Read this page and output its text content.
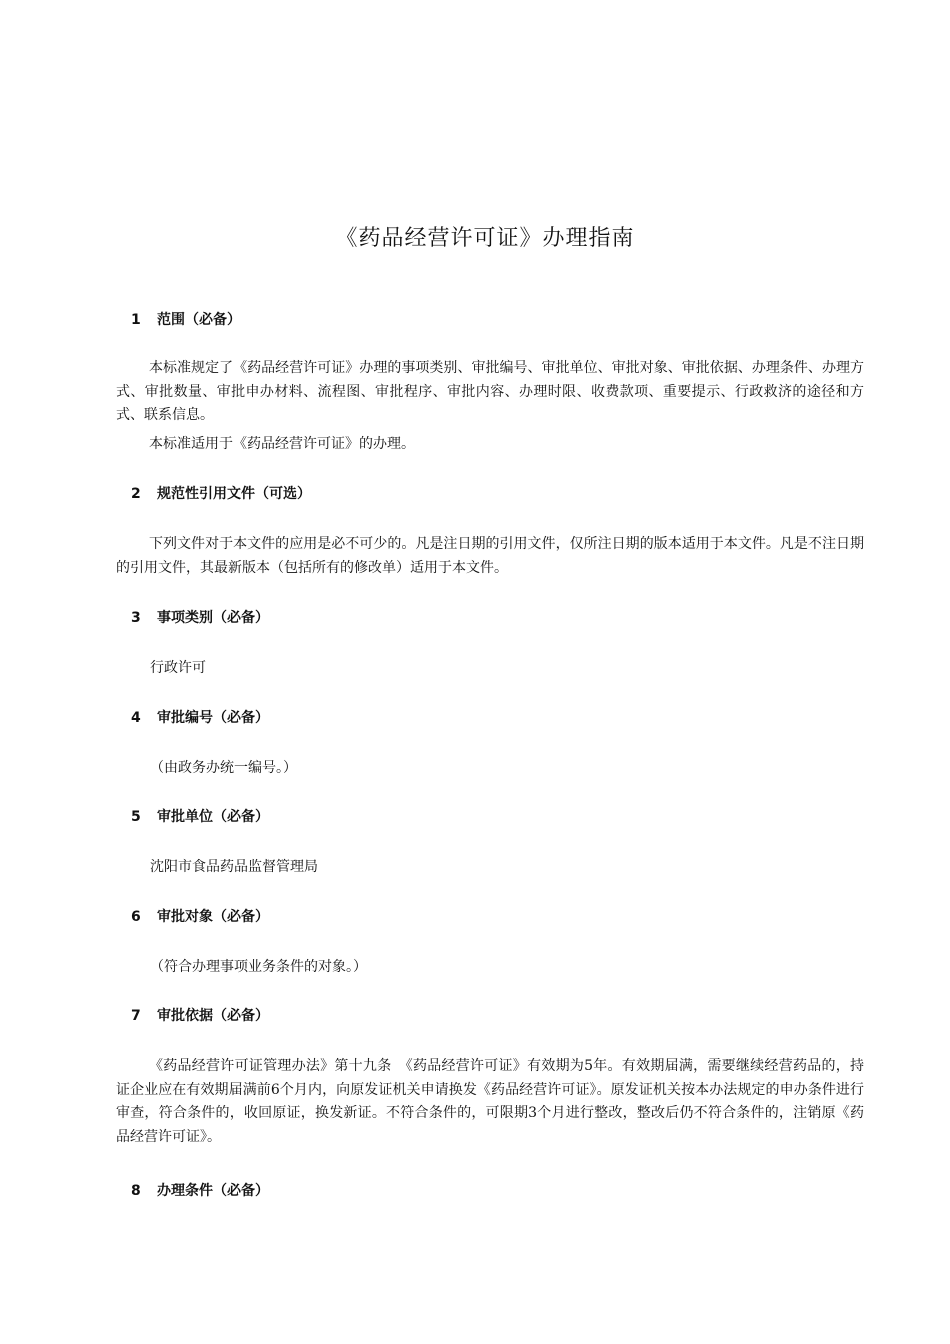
《药品经营许可证》办理指南
1 范围（必备）

本标准规定了《药品经营许可证》办理的事项类别、审批编号、审批单位、审批对象、审批依据、办理条件、办理方式、审批数量、审批申办材料、流程图、审批程序、审批内容、办理时限、收费款项、重要提示、行政救济的途径和方式、联系信息。

本标准适用于《药品经营许可证》的办理。

2 规范性引用文件（可选）

下列文件对于本文件的应用是必不可少的。凡是注日期的引用文件，仅所注日期的版本适用于本文件。凡是不注日期的引用文件，其最新版本（包括所有的修改单）适用于本文件。

3 事项类别（必备）

行政许可

4 审批编号（必备）

（由政务办统一编号。）

5 审批单位（必备）

沈阳市食品药品监督管理局

6 审批对象（必备）

（符合办理事项业务条件的对象。）

7 审批依据（必备）

《药品经营许可证管理办法》第十九条　《药品经营许可证》有效期为5年。有效期届满，需要继续经营药品的，持证企业应在有效期届满前6个月内，向原发证机关申请换发《药品经营许可证》。原发证机关按本办法规定的申办条件进行审查，符合条件的，收回原证，换发新证。不符合条件的，可限期3个月进行整改，整改后仍不符合条件的，注销原《药品经营许可证》。

8 办理条件（必备）
